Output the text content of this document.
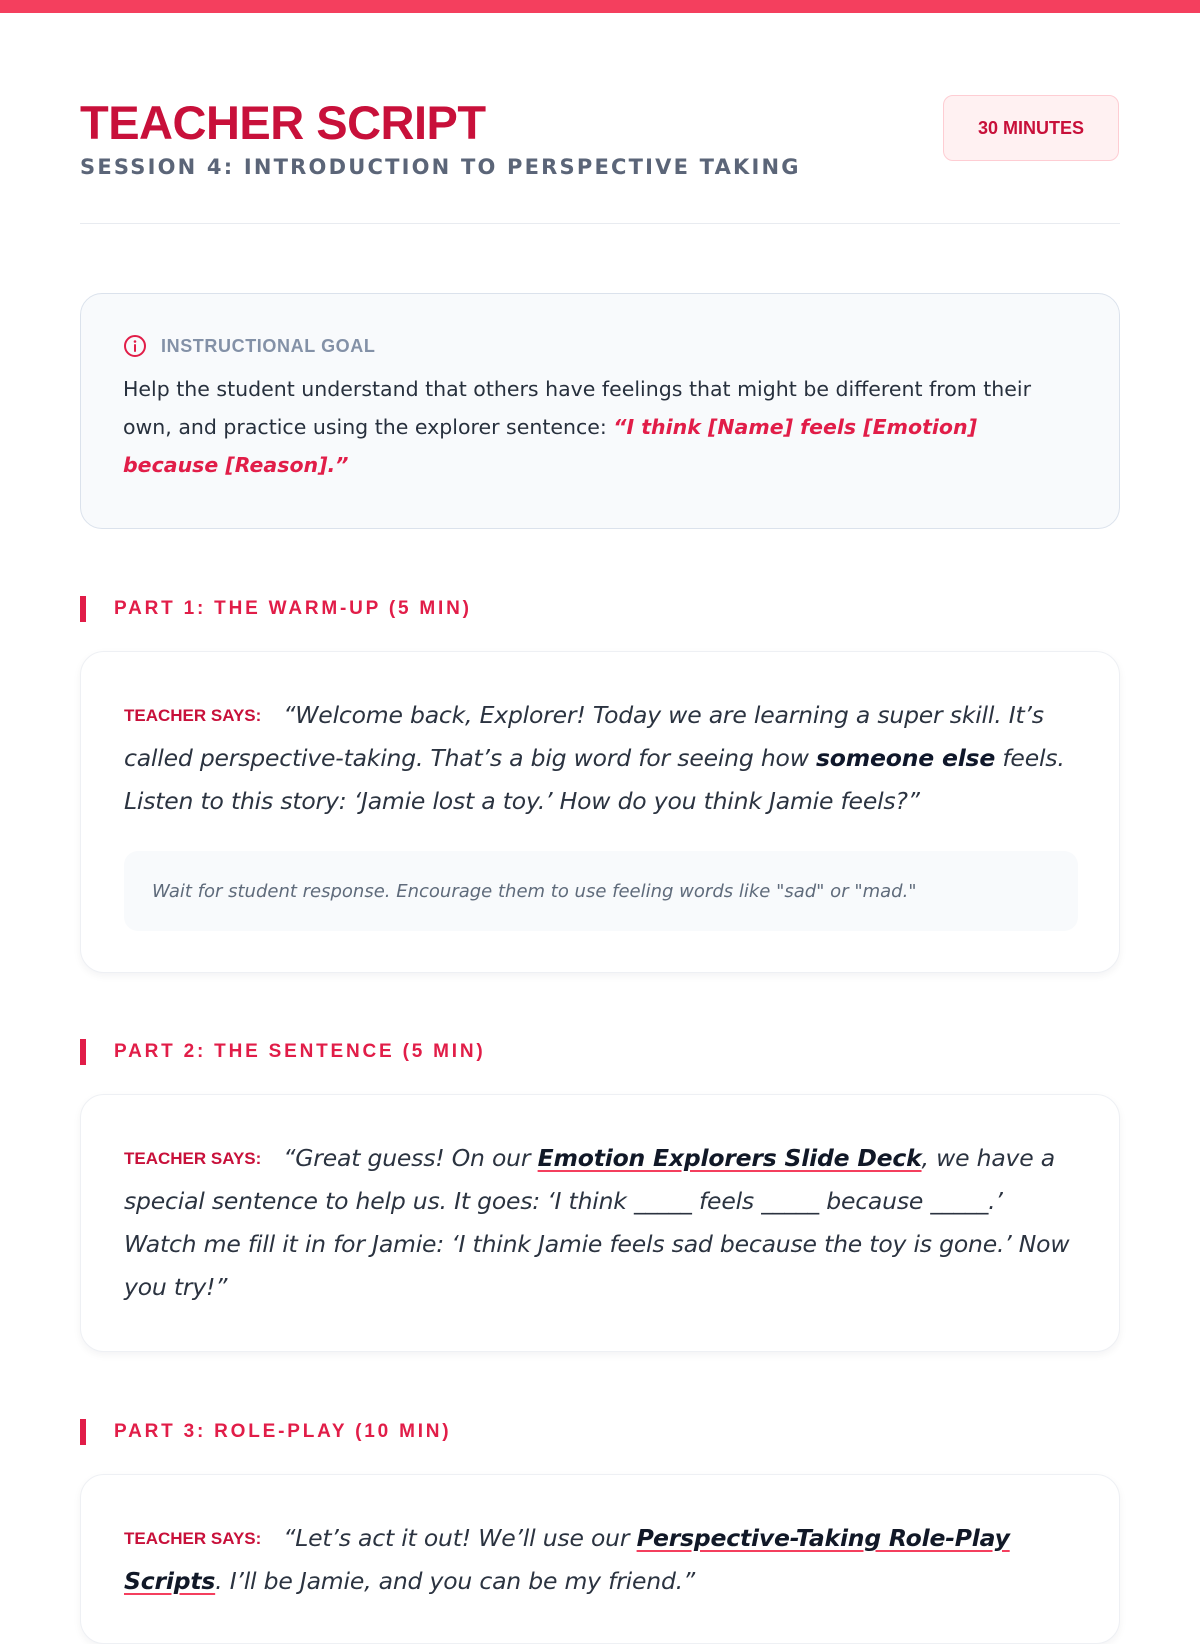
TEACHER SCRIPT
SESSION 4: INTRODUCTION TO PERSPECTIVE TAKING
30 MINUTES
INSTRUCTIONAL GOAL

Help the student understand that others have feelings that might be different from their own, and practice using the explorer sentence: “I think [Name] feels [Emotion] because [Reason].”

PART 1: THE WARM-UP (5 MIN)

TEACHER SAYS: “Welcome back, Explorer! Today we are learning a super skill. It’s called perspective-taking. That’s a big word for seeing how someone else feels. Listen to this story: ‘Jamie lost a toy.’ How do you think Jamie feels?”

Wait for student response. Encourage them to use feeling words like "sad" or "mad."
PART 2: THE SENTENCE (5 MIN)

TEACHER SAYS: “Great guess! On our Emotion Explorers Slide Deck, we have a special sentence to help us. It goes: ‘I think _____ feels _____ because _____.’ Watch me fill it in for Jamie: ‘I think Jamie feels sad because the toy is gone.’ Now you try!”

PART 3: ROLE-PLAY (10 MIN)

TEACHER SAYS: “Let’s act it out! We’ll use our Perspective-Taking Role-Play Scripts. I’ll be Jamie, and you can be my friend.”
